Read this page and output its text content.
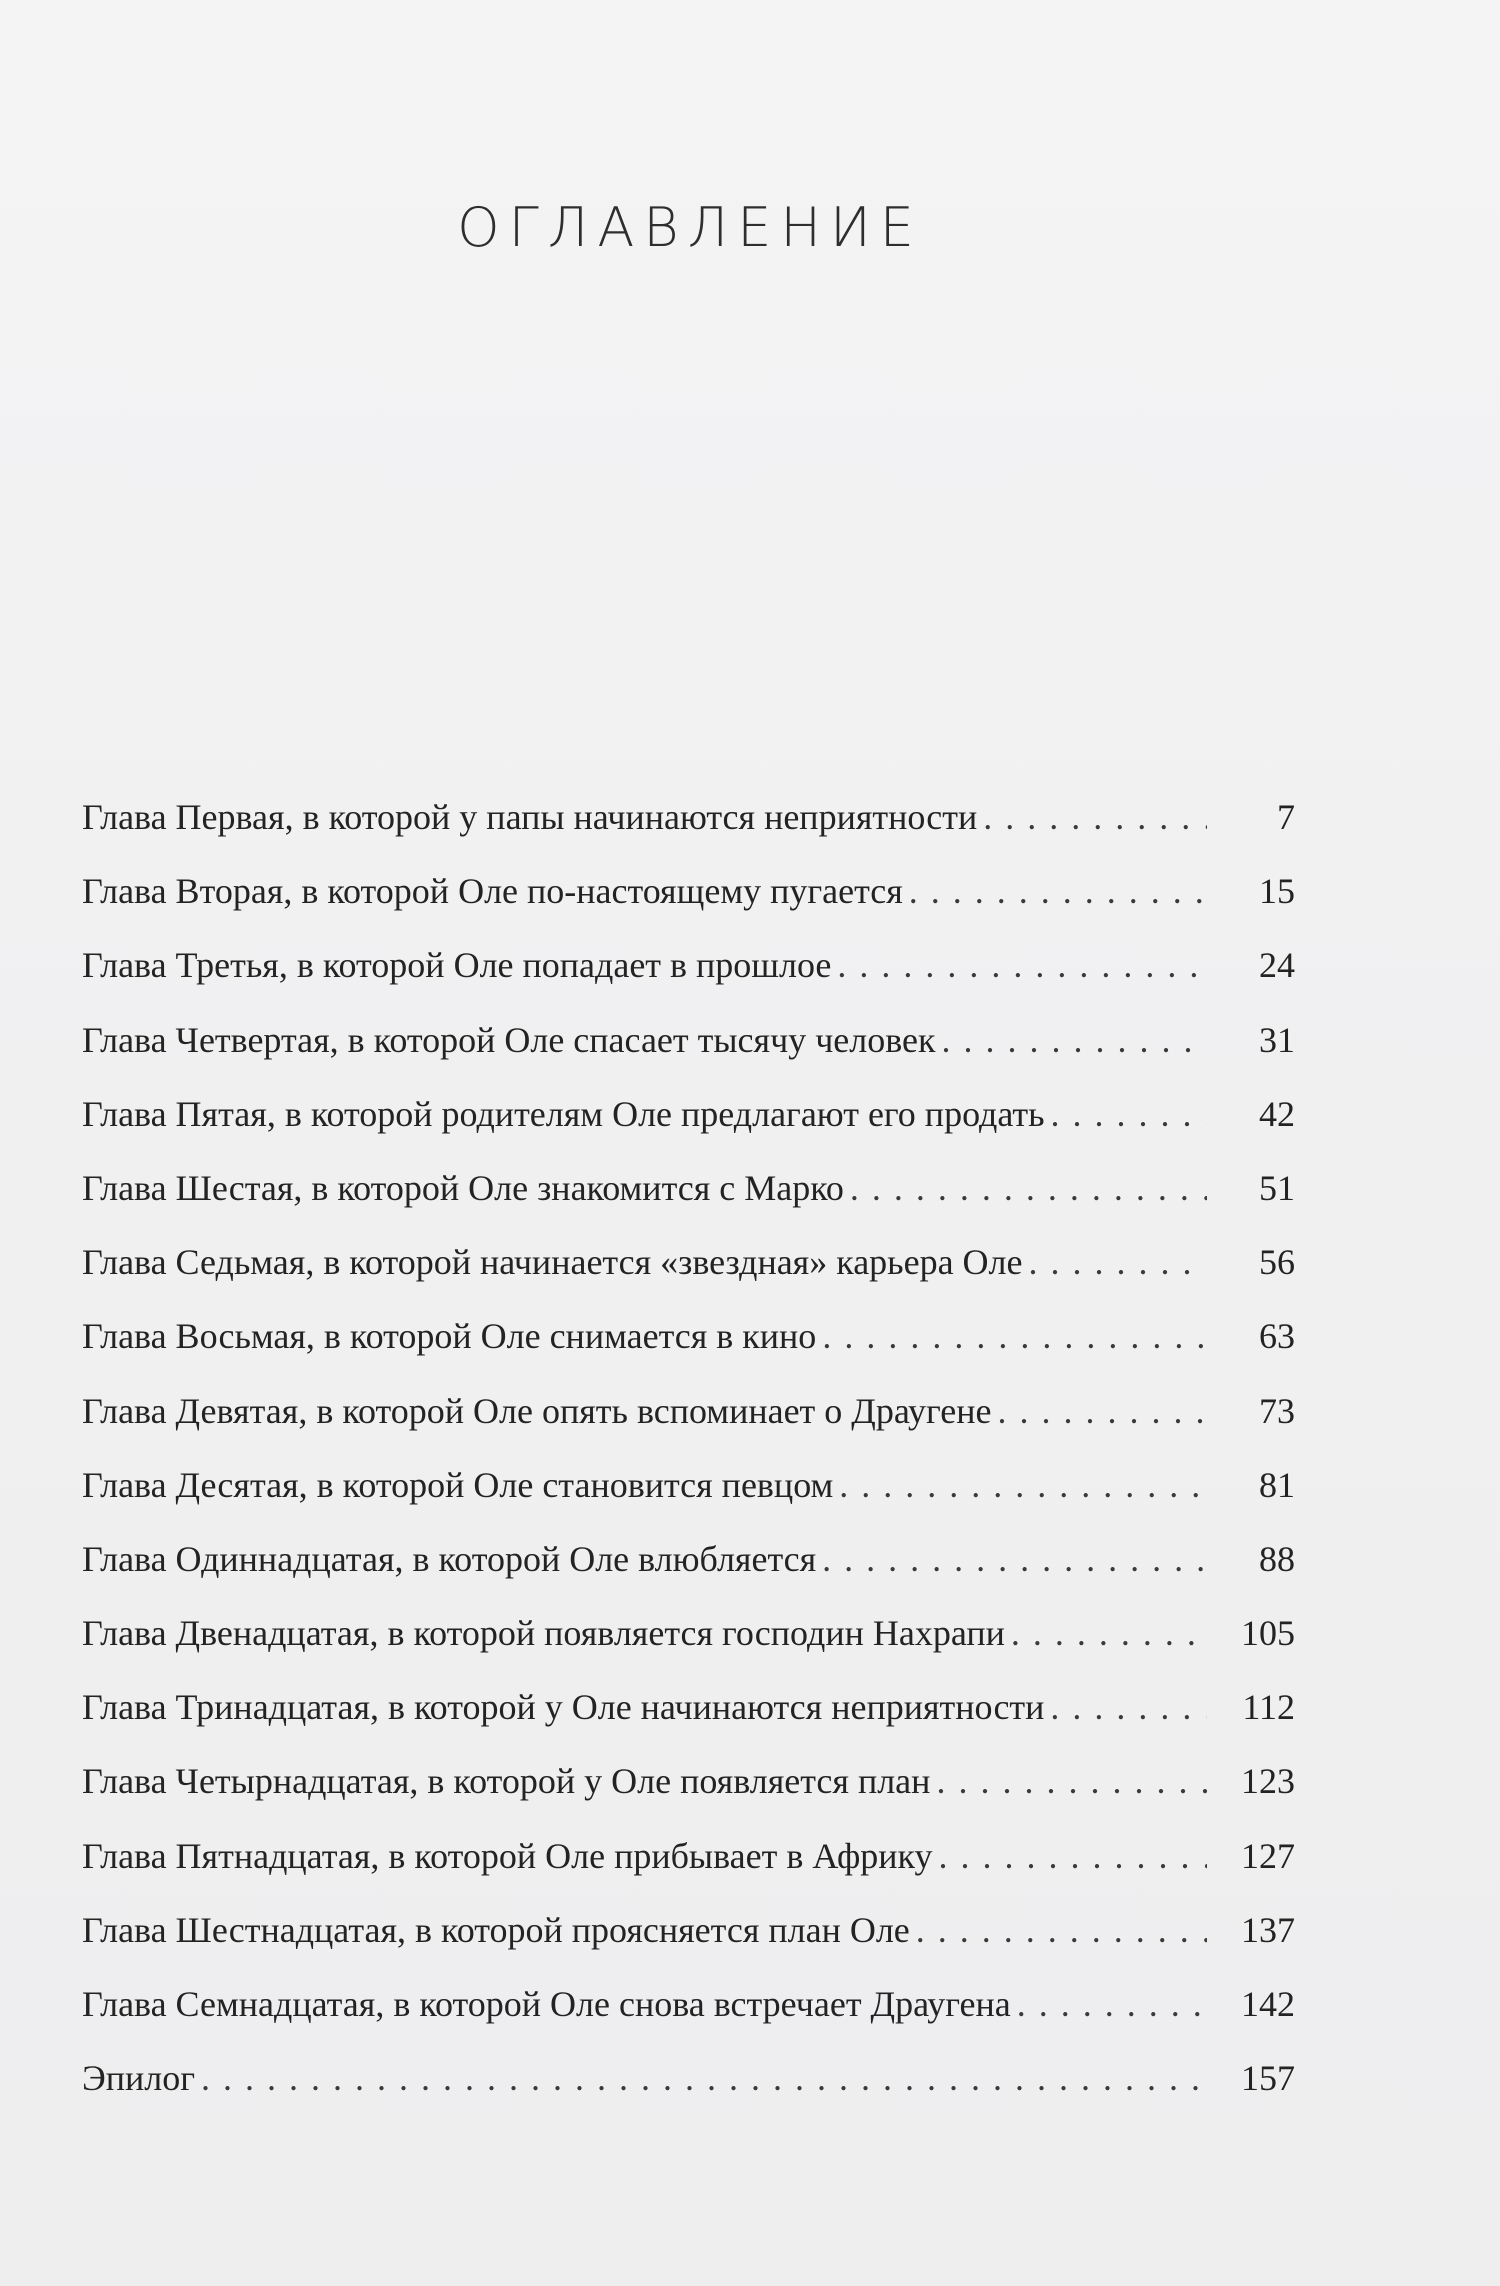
ОГЛАВЛЕНИЕ
Глава Первая, в которой у папы начинаются неприятности . . .	7
Глава Вторая, в которой Оле по-настоящему пугается . . .	15
Глава Третья, в которой Оле попадает в прошлое . . .	24
Глава Четвертая, в которой Оле спасает тысячу человек . . .	31
Глава Пятая, в которой родителям Оле предлагают его продать . . .	42
Глава Шестая, в которой Оле знакомится с Марко . . .	51
Глава Седьмая, в которой начинается «звездная» карьера Оле . . .	56
Глава Восьмая, в которой Оле снимается в кино . . .	63
Глава Девятая, в которой Оле опять вспоминает о Драугене . . .	73
Глава Десятая, в которой Оле становится певцом . . .	81
Глава Одиннадцатая, в которой Оле влюбляется . . .	88
Глава Двенадцатая, в которой появляется господин Нахрапи . . .	105
Глава Тринадцатая, в которой у Оле начинаются неприятности . . .	112
Глава Четырнадцатая, в которой у Оле появляется план . . .	123
Глава Пятнадцатая, в которой Оле прибывает в Африку . . .	127
Глава Шестнадцатая, в которой проясняется план Оле . . .	137
Глава Семнадцатая, в которой Оле снова встречает Драугена . . .	142
Эпилог . . .	157
